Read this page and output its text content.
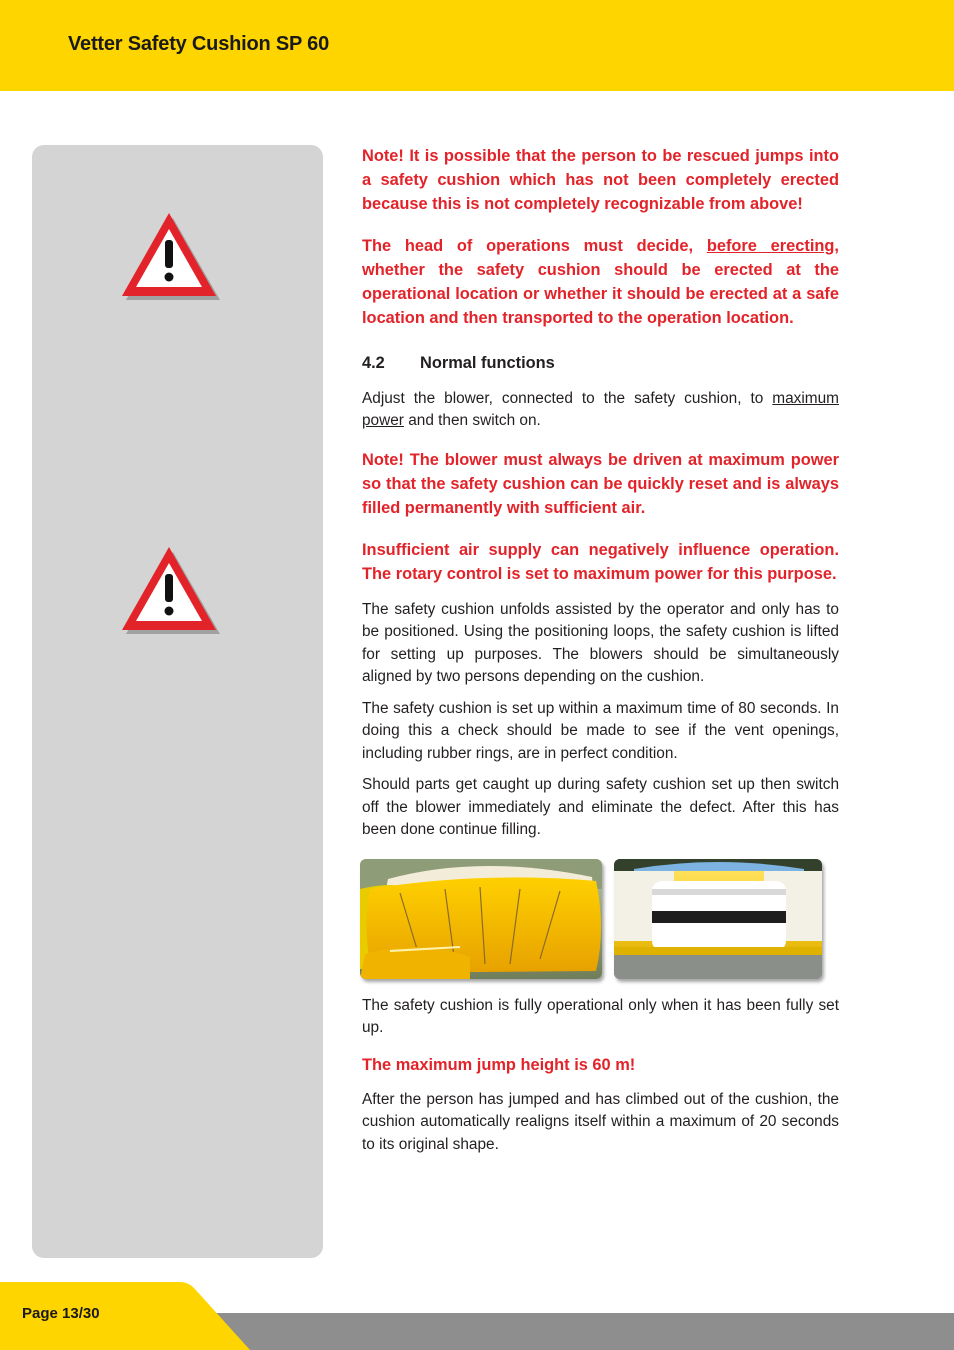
Vetter Safety Cushion SP 60

Note! It is possible that the person to be rescued jumps into a safety cushion which has not been completely erected because this is not completely recognizable from above!

The head of operations must decide, before erecting, whether the safety cushion should be erected at the operational location or whether it should be erected at a safe location and then transported to the operation location.

4.2 Normal functions

Adjust the blower, connected to the safety cushion, to maximum power and then switch on.

Note! The blower must always be driven at maximum power so that the safety cushion can be quickly reset and is always filled permanently with sufficient air.

Insufficient air supply can negatively influence operation. The rotary control is set to maximum power for this purpose.

The safety cushion unfolds assisted by the operator and only has to be positioned. Using the positioning loops, the safety cushion is lifted for setting up purposes. The blowers should be simultaneously aligned by two persons depending on the cushion.

The safety cushion is set up within a maximum time of 80 seconds. In doing this a check should be made to see if the vent openings, including rubber rings, are in perfect condition.

Should parts get caught up during safety cushion set up then switch off the blower immediately and eliminate the defect. After this has been done continue filling.

The safety cushion is fully operational only when it has been fully set up.

The maximum jump height is 60 m!

After the person has jumped and has climbed out of the cushion, the cushion automatically realigns itself within a maximum of 20 seconds to its original shape.

Page 13/30
